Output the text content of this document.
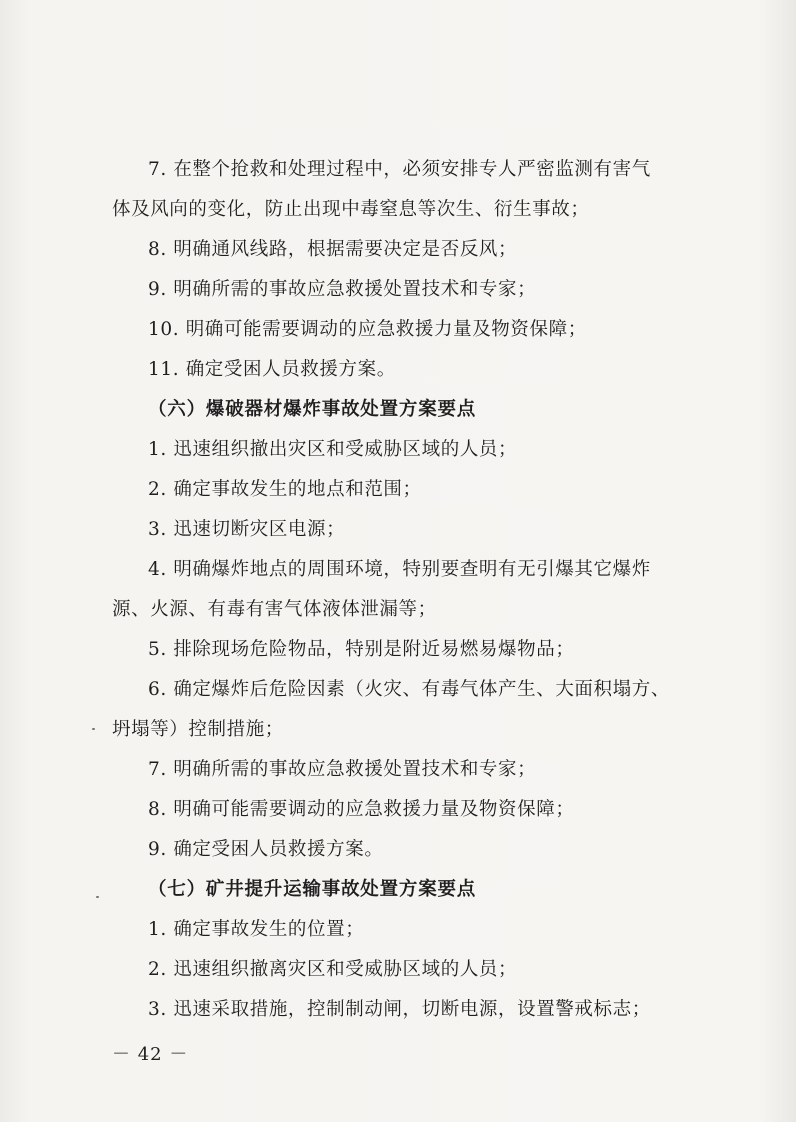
7. 在整个抢救和处理过程中，必须安排专人严密监测有害气
体及风向的变化，防止出现中毒窒息等次生、衍生事故；
8. 明确通风线路，根据需要决定是否反风；
9. 明确所需的事故应急救援处置技术和专家；
10. 明确可能需要调动的应急救援力量及物资保障；
11. 确定受困人员救援方案。
（六）爆破器材爆炸事故处置方案要点
1. 迅速组织撤出灾区和受威胁区域的人员；
2. 确定事故发生的地点和范围；
3. 迅速切断灾区电源；
4. 明确爆炸地点的周围环境，特别要查明有无引爆其它爆炸
源、火源、有毒有害气体液体泄漏等；
5. 排除现场危险物品，特别是附近易燃易爆物品；
6. 确定爆炸后危险因素（火灾、有毒气体产生、大面积塌方、
坍塌等）控制措施；
7. 明确所需的事故应急救援处置技术和专家；
8. 明确可能需要调动的应急救援力量及物资保障；
9. 确定受困人员救援方案。
（七）矿井提升运输事故处置方案要点
1. 确定事故发生的位置；
2. 迅速组织撤离灾区和受威胁区域的人员；
3. 迅速采取措施，控制制动闸，切断电源，设置警戒标志；
－ 42 －
